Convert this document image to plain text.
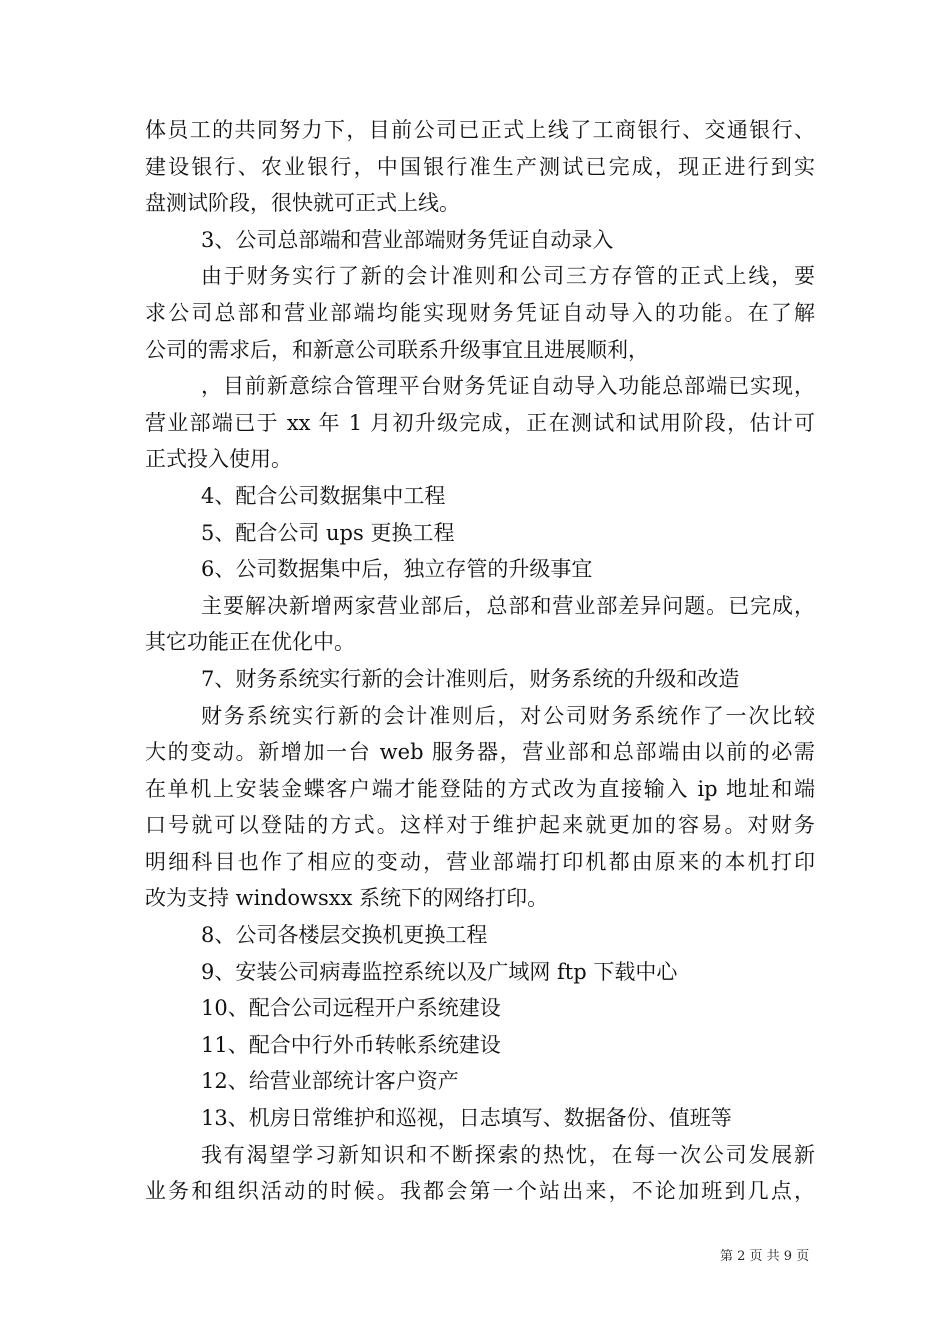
体员工的共同努力下，目前公司已正式上线了工商银行、交通银行、
建设银行、农业银行，中国银行准生产测试已完成，现正进行到实
盘测试阶段，很快就可正式上线。
3、公司总部端和营业部端财务凭证自动录入
由于财务实行了新的会计准则和公司三方存管的正式上线，要
求公司总部和营业部端均能实现财务凭证自动导入的功能。在了解
公司的需求后，和新意公司联系升级事宜且进展顺利，
，目前新意综合管理平台财务凭证自动导入功能总部端已实现，
营业部端已于 xx 年 1 月初升级完成，正在测试和试用阶段，估计可
正式投入使用。
4、配合公司数据集中工程
5、配合公司 ups 更换工程
6、公司数据集中后，独立存管的升级事宜
主要解决新增两家营业部后，总部和营业部差异问题。已完成，
其它功能正在优化中。
7、财务系统实行新的会计准则后，财务系统的升级和改造
财务系统实行新的会计准则后，对公司财务系统作了一次比较
大的变动。新增加一台 web 服务器，营业部和总部端由以前的必需
在单机上安装金蝶客户端才能登陆的方式改为直接输入 ip 地址和端
口号就可以登陆的方式。这样对于维护起来就更加的容易。对财务
明细科目也作了相应的变动，营业部端打印机都由原来的本机打印
改为支持 windowsxx 系统下的网络打印。
8、公司各楼层交换机更换工程
9、安装公司病毒监控系统以及广域网 ftp 下载中心
10、配合公司远程开户系统建设
11、配合中行外币转帐系统建设
12、给营业部统计客户资产
13、机房日常维护和巡视，日志填写、数据备份、值班等
我有渴望学习新知识和不断探索的热忱，在每一次公司发展新
业务和组织活动的时候。我都会第一个站出来，不论加班到几点，
第 2 页 共 9 页
